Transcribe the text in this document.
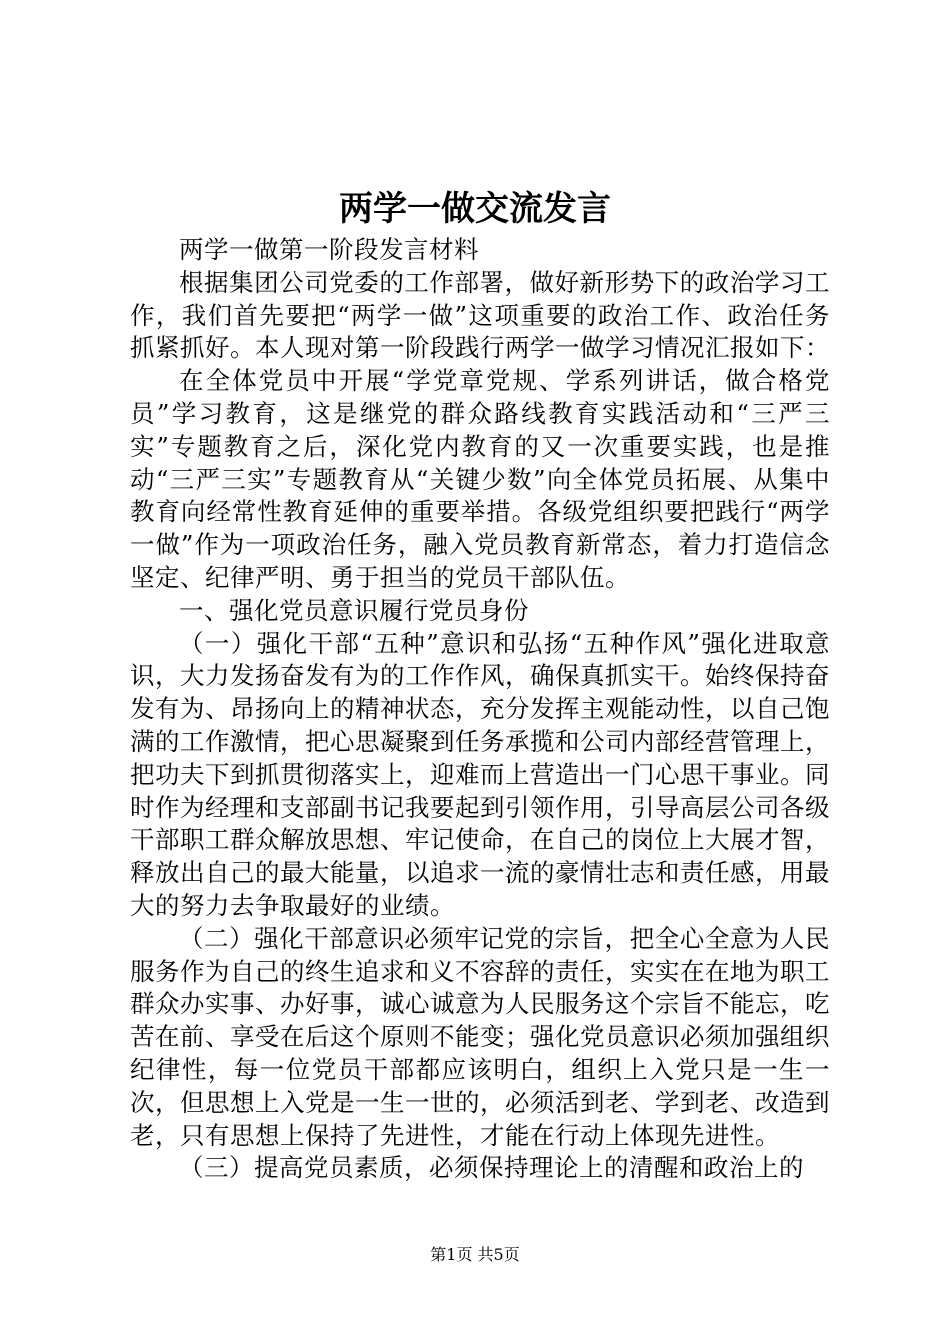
两学一做交流发言

两学一做第一阶段发言材料

根据集团公司党委的工作部署，做好新形势下的政治学习工作，我们首先要把“两学一做”这项重要的政治工作、政治任务抓紧抓好。本人现对第一阶段践行两学一做学习情况汇报如下：

在全体党员中开展“学党章党规、学系列讲话，做合格党员”学习教育，这是继党的群众路线教育实践活动和“三严三实”专题教育之后，深化党内教育的又一次重要实践，也是推动“三严三实”专题教育从“关键少数”向全体党员拓展、从集中教育向经常性教育延伸的重要举措。各级党组织要把践行“两学一做”作为一项政治任务，融入党员教育新常态，着力打造信念坚定、纪律严明、勇于担当的党员干部队伍。

一、强化党员意识履行党员身份

（一）强化干部“五种”意识和弘扬“五种作风”强化进取意识，大力发扬奋发有为的工作作风，确保真抓实干。始终保持奋发有为、昂扬向上的精神状态，充分发挥主观能动性，以自己饱满的工作激情，把心思凝聚到任务承揽和公司内部经营管理上，把功夫下到抓贯彻落实上，迎难而上营造出一门心思干事业。同时作为经理和支部副书记我要起到引领作用，引导高层公司各级干部职工群众解放思想、牢记使命，在自己的岗位上大展才智，释放出自己的最大能量，以追求一流的豪情壮志和责任感，用最大的努力去争取最好的业绩。

（二）强化干部意识必须牢记党的宗旨，把全心全意为人民服务作为自己的终生追求和义不容辞的责任，实实在在地为职工群众办实事、办好事，诚心诚意为人民服务这个宗旨不能忘，吃苦在前、享受在后这个原则不能变；强化党员意识必须加强组织纪律性，每一位党员干部都应该明白，组织上入党只是一生一次，但思想上入党是一生一世的，必须活到老、学到老、改造到老，只有思想上保持了先进性，才能在行动上体现先进性。

（三）提高党员素质，必须保持理论上的清醒和政治上的

第1页 共5页
